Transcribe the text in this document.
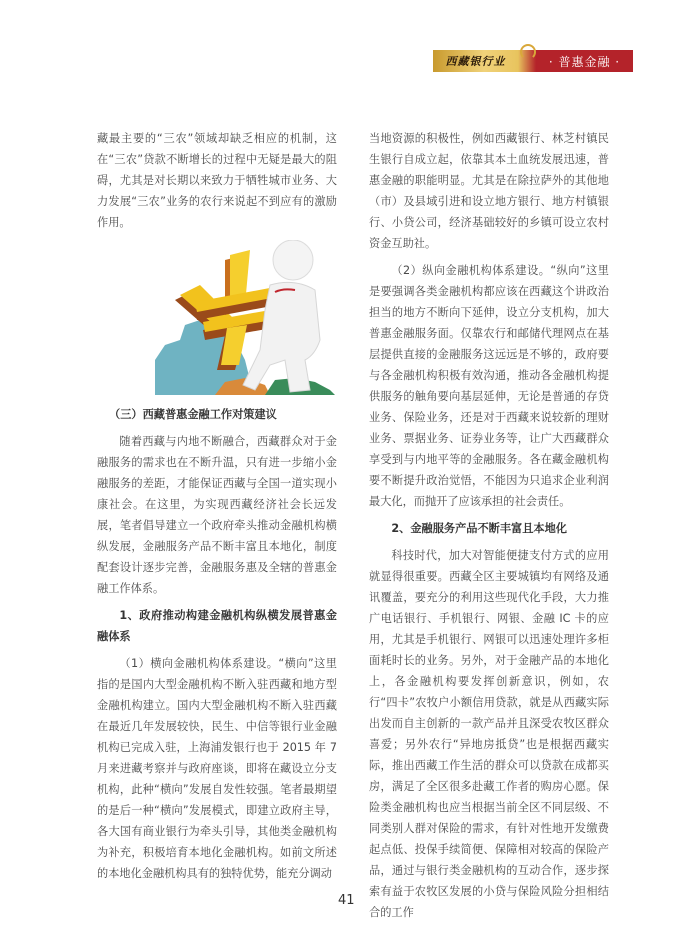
西藏银行业	· 普惠金融 ·

藏最主要的“三农”领域却缺乏相应的机制，这在“三农”贷款不断增长的过程中无疑是最大的阻碍，尤其是对长期以来致力于牺牲城市业务、大力发展“三农”业务的农行来说起不到应有的激励作用。

（三）西藏普惠金融工作对策建议

随着西藏与内地不断融合，西藏群众对于金融服务的需求也在不断升温，只有进一步缩小金融服务的差距，才能保证西藏与全国一道实现小康社会。在这里，为实现西藏经济社会长远发展，笔者倡导建立一个政府牵头推动金融机构横纵发展，金融服务产品不断丰富且本地化，制度配套设计逐步完善，金融服务惠及全辖的普惠金融工作体系。

1、政府推动构建金融机构纵横发展普惠金融体系

（1）横向金融机构体系建设。“横向”这里指的是国内大型金融机构不断入驻西藏和地方型金融机构建立。国内大型金融机构不断入驻西藏在最近几年发展较快，民生、中信等银行业金融机构已完成入驻，上海浦发银行也于 2015 年 7 月来进藏考察并与政府座谈，即将在藏设立分支机构，此种“横向”发展自发性较强。笔者最期望的是后一种“横向”发展模式，即建立政府主导，各大国有商业银行为牵头引导，其他类金融机构为补充，积极培育本地化金融机构。如前文所述的本地化金融机构具有的独特优势，能充分调动

当地资源的积极性，例如西藏银行、林芝村镇民生银行自成立起，依靠其本土血统发展迅速，普惠金融的职能明显。尤其是在除拉萨外的其他地（市）及县域引进和设立地方银行、地方村镇银行、小贷公司，经济基础较好的乡镇可设立农村资金互助社。

（2）纵向金融机构体系建设。“纵向”这里是要强调各类金融机构都应该在西藏这个讲政治担当的地方不断向下延伸，设立分支机构，加大普惠金融服务面。仅靠农行和邮储代理网点在基层提供直接的金融服务这远远是不够的，政府要与各金融机构积极有效沟通，推动各金融机构提供服务的触角要向基层延伸，无论是普通的存贷业务、保险业务，还是对于西藏来说较新的理财业务、票据业务、证券业务等，让广大西藏群众享受到与内地平等的金融服务。各在藏金融机构要不断提升政治觉悟，不能因为只追求企业利润最大化，而抛开了应该承担的社会责任。

2、金融服务产品不断丰富且本地化

科技时代，加大对智能便捷支付方式的应用就显得很重要。西藏全区主要城镇均有网络及通讯覆盖，要充分的利用这些现代化手段，大力推广电话银行、手机银行、网银、金融 IC 卡的应用，尤其是手机银行、网银可以迅速处理许多柜面耗时长的业务。另外，对于金融产品的本地化上，各金融机构要发挥创新意识，例如，农行“四卡”农牧户小额信用贷款，就是从西藏实际出发而自主创新的一款产品并且深受农牧区群众喜爱；另外农行“异地房抵贷”也是根据西藏实际，推出西藏工作生活的群众可以贷款在成都买房，满足了全区很多赴藏工作者的购房心愿。保险类金融机构也应当根据当前全区不同层级、不同类别人群对保险的需求，有针对性地开发缴费起点低、投保手续简便、保障相对较高的保险产品，通过与银行类金融机构的互动合作，逐步探索有益于农牧区发展的小贷与保险风险分担相结合的工作

41
